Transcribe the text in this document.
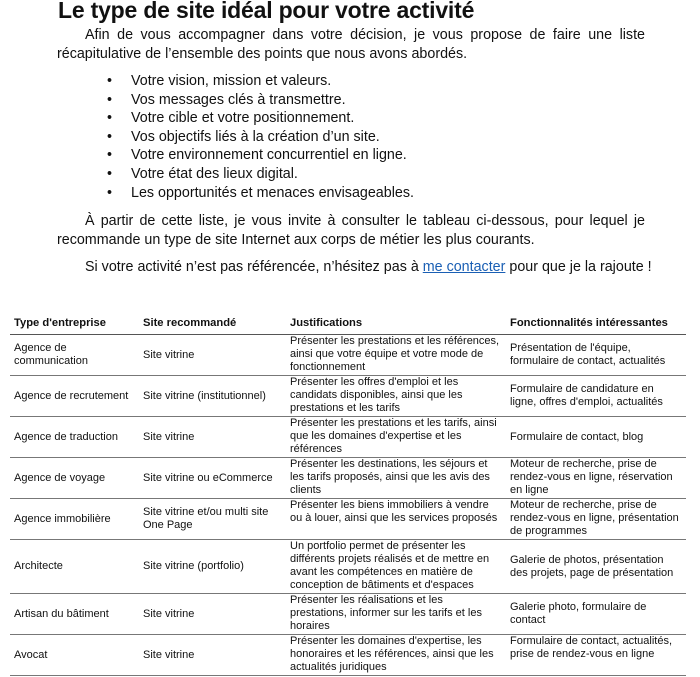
Le type de site idéal pour votre activité
Afin de vous accompagner dans votre décision, je vous propose de faire une liste récapitulative de l’ensemble des points que nous avons abordés.
• Votre vision, mission et valeurs.
• Vos messages clés à transmettre.
• Votre cible et votre positionnement.
• Vos objectifs liés à la création d’un site.
• Votre environnement concurrentiel en ligne.
• Votre état des lieux digital.
• Les opportunités et menaces envisageables.
À partir de cette liste, je vous invite à consulter le tableau ci-dessous, pour lequel je recommande un type de site Internet aux corps de métier les plus courants.
Si votre activité n’est pas référencée, n’hésitez pas à me contacter pour que je la rajoute !
Type d'entreprise	Site recommandé	Justifications	Fonctionnalités intéressantes
Agence de communication	Site vitrine	Présenter les prestations et les références, ainsi que votre équipe et votre mode de fonctionnement	Présentation de l'équipe, formulaire de contact, actualités
Agence de recrutement	Site vitrine (institutionnel)	Présenter les offres d'emploi et les candidats disponibles, ainsi que les prestations et les tarifs	Formulaire de candidature en ligne, offres d'emploi, actualités
Agence de traduction	Site vitrine	Présenter les prestations et les tarifs, ainsi que les domaines d'expertise et les références	Formulaire de contact, blog
Agence de voyage	Site vitrine ou eCommerce	Présenter les destinations, les séjours et les tarifs proposés, ainsi que les avis des clients	Moteur de recherche, prise de rendez-vous en ligne, réservation en ligne
Agence immobilière	Site vitrine et/ou multi site One Page	Présenter les biens immobiliers à vendre ou à louer, ainsi que les services proposés	Moteur de recherche, prise de rendez-vous en ligne, présentation de programmes
Architecte	Site vitrine (portfolio)	Un portfolio permet de présenter les différents projets réalisés et de mettre en avant les compétences en matière de conception de bâtiments et d'espaces	Galerie de photos, présentation des projets, page de présentation
Artisan du bâtiment	Site vitrine	Présenter les réalisations et les prestations, informer sur les tarifs et les horaires	Galerie photo, formulaire de contact
Avocat	Site vitrine	Présenter les domaines d'expertise, les honoraires et les références, ainsi que les actualités juridiques	Formulaire de contact, actualités, prise de rendez-vous en ligne
